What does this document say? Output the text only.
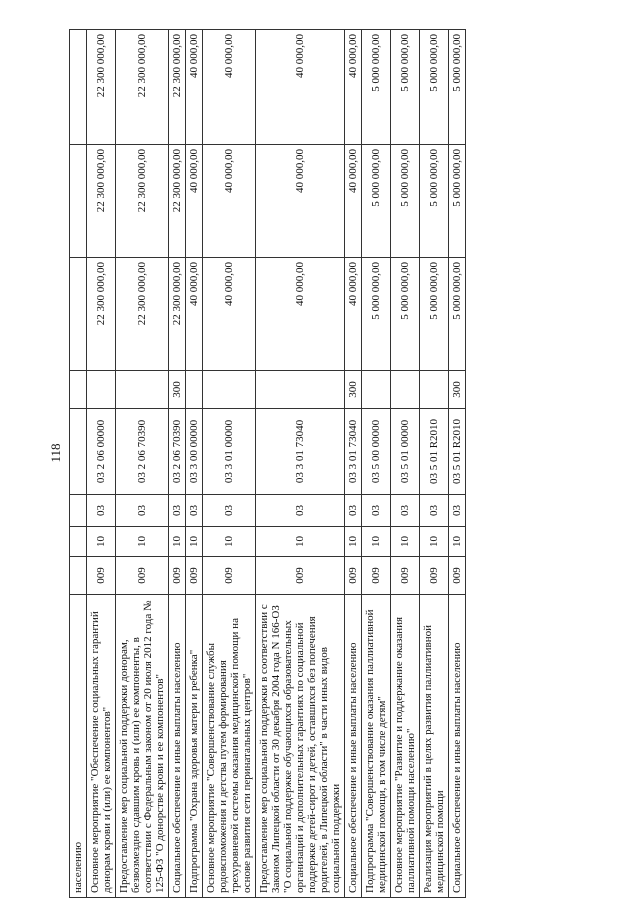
118
населению								
Основное мероприятие "Обеспечение социальных гарантий донорам крови и (или) ее компонентов"	009	10	03	03 2 06 00000		22 300 000,00	22 300 000,00	22 300 000,00
Предоставление мер социальной поддержки донорам, безвозмездно сдавшим кровь и (или) ее компоненты, в соответствии с Федеральным законом от 20 июля 2012 года № 125-ФЗ "О донорстве крови и ее компонентов"	009	10	03	03 2 06 70390		22 300 000,00	22 300 000,00	22 300 000,00
Социальное обеспечение и иные выплаты населению	009	10	03	03 2 06 70390	300	22 300 000,00	22 300 000,00	22 300 000,00
Подпрограмма "Охрана здоровья матери и ребенка"	009	10	03	03 3 00 00000		40 000,00	40 000,00	40 000,00
Основное мероприятие "Совершенствование службы родовспоможения и детства путем формирования трехуровневой системы оказания медицинской помощи на основе развития сети перинатальных центров"	009	10	03	03 3 01 00000		40 000,00	40 000,00	40 000,00
Предоставление мер социальной поддержки в соответствии с Законом Липецкой области от 30 декабря 2004 года N 166-ОЗ "О социальной поддержке обучающихся образовательных организаций и дополнительных гарантиях по социальной поддержке детей-сирот и детей, оставшихся без попечения родителей, в Липецкой области" в части иных видов социальной поддержки	009	10	03	03 3 01 73040		40 000,00	40 000,00	40 000,00
Социальное обеспечение и иные выплаты населению	009	10	03	03 3 01 73040	300	40 000,00	40 000,00	40 000,00
Подпрограмма "Совершенствование оказания паллиативной медицинской помощи, в том числе детям"	009	10	03	03 5 00 00000		5 000 000,00	5 000 000,00	5 000 000,00
Основное мероприятие "Развитие и поддержание оказания паллиативной помощи населению"	009	10	03	03 5 01 00000		5 000 000,00	5 000 000,00	5 000 000,00
Реализация мероприятий в целях развития паллиативной медицинской помощи	009	10	03	03 5 01 R2010		5 000 000,00	5 000 000,00	5 000 000,00
Социальное обеспечение и иные выплаты населению	009	10	03	03 5 01 R2010	300	5 000 000,00	5 000 000,00	5 000 000,00
